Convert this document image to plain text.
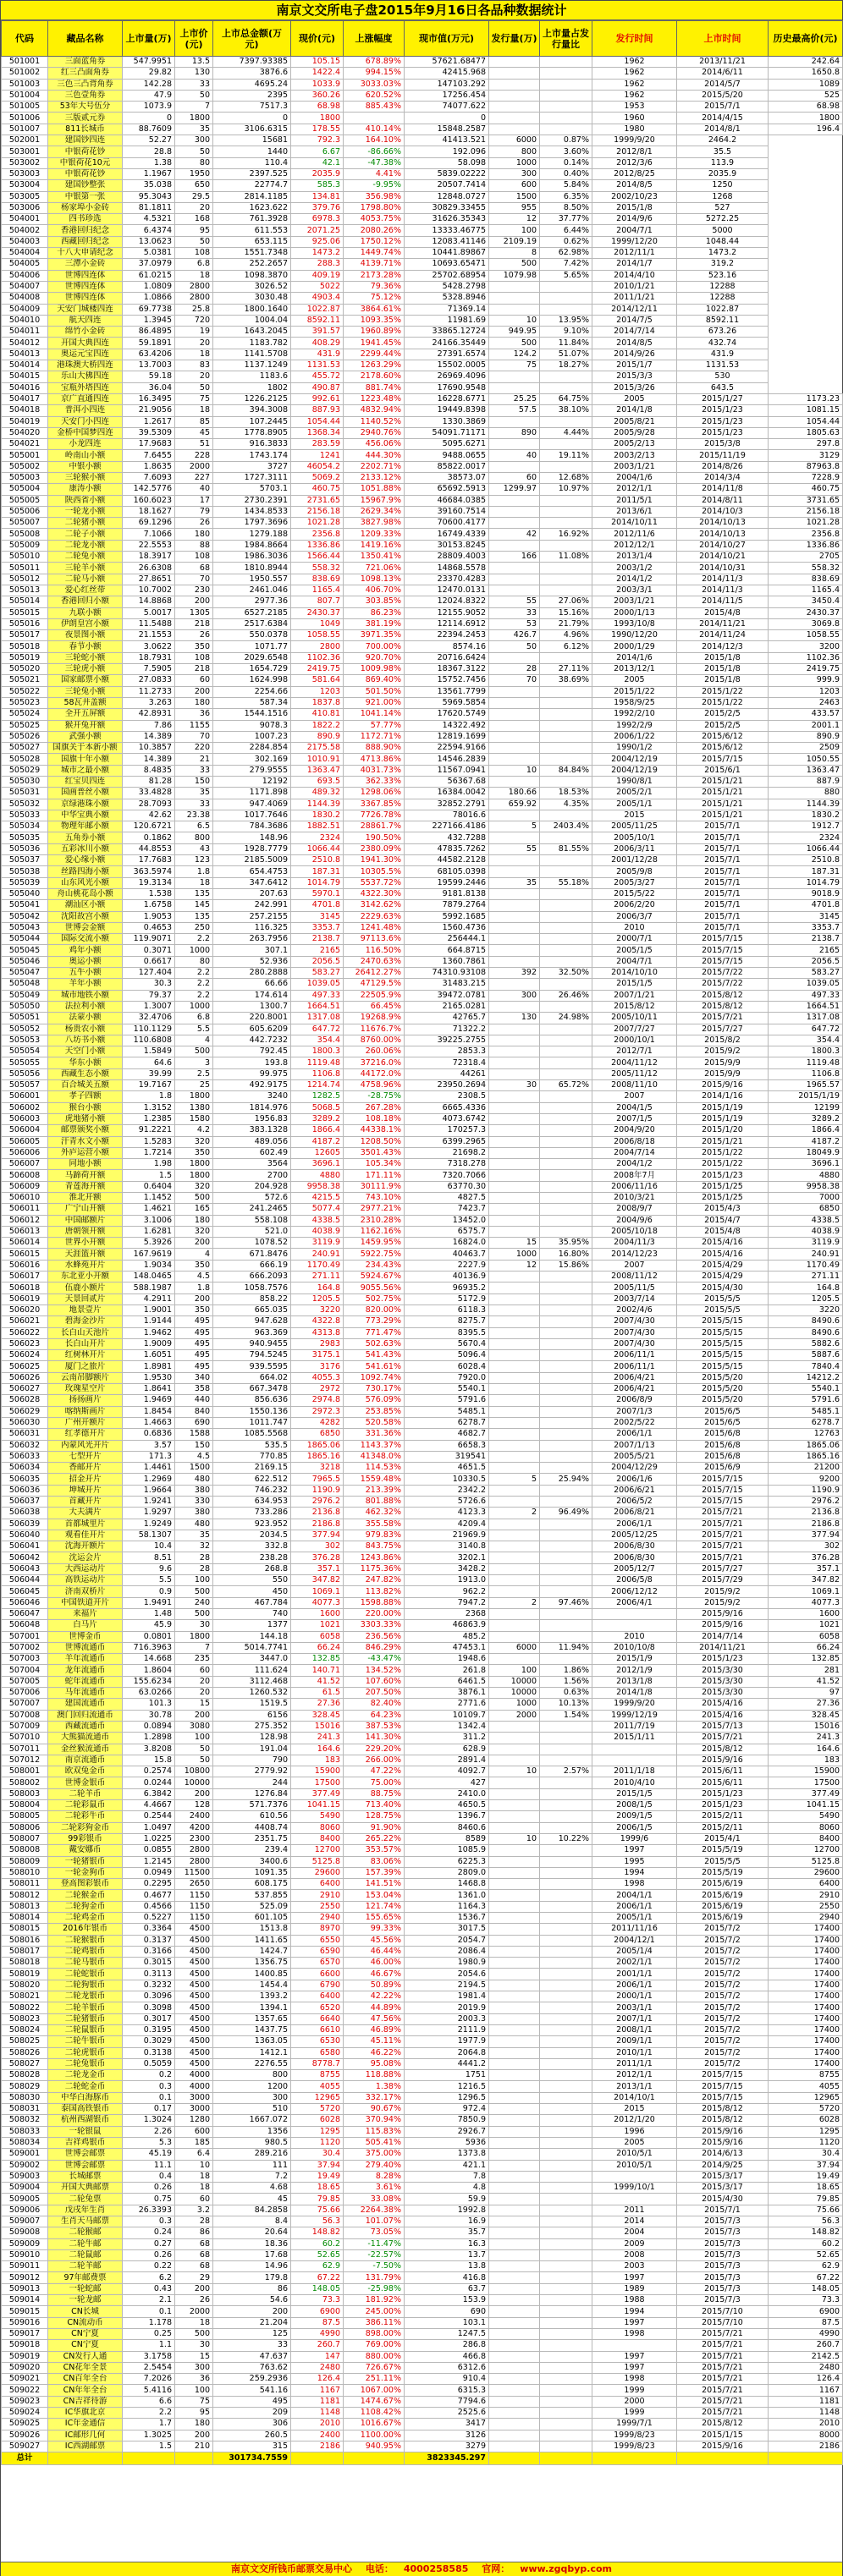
南京文交所电子盘2015年9月16日各品种数据统计
代码	藏品名称	上市量(万)	上市价(元)	上市总金额(万元)	现价(元)	上涨幅度	现市值(万元)	发行量(万)	上市量占发行量比	发行时间	上市时间	历史最高价(元)
501001	三面蓝角券	547.9951	13.5	7397.93385	105.15	678.89%	57621.68477			1962	2013/11/21	242.64
501002	红三凸面角券	29.82	130	3876.6	1422.4	994.15%	42415.968			1962	2014/6/11	1650.8
501003	三色三凸背角券	142.28	33	4695.24	1033.9	3033.03%	147103.292			1962	2014/5/7	1089
501004	三色壹角券	47.9	50	2395	360.26	620.52%	17256.454			1962	2015/5/20	525
501005	53年大号伍分	1073.9	7	7517.3	68.98	885.43%	74077.622			1953	2015/7/1	68.98
501006	三版贰元券	0	1800	0	1800		0			1960	2014/4/15	1800
501007	811长城币	88.7609	35	3106.6315	178.55	410.14%	15848.2587			1980	2014/8/1	196.4
502001	建国钞四连	52.27	300	15681	792.3	164.10%	41413.521	6000	0.87%	1999/9/20	2464.2	
503001	中银荷花钞	28.8	50	1440	6.67	-86.66%	192.096	800	3.60%	2012/8/1	35.5	
503002	中银荷花10元	1.38	80	110.4	42.1	-47.38%	58.098	1000	0.14%	2012/3/6	113.9	
503003	中银荷花钞	1.1967	1950	2397.525	2035.9	4.41%	5839.02222	300	0.40%	2012/8/25	2035.9	
503004	建国钞整张	35.038	650	22774.7	585.3	-9.95%	20507.7414	600	5.84%	2014/8/5	1250	
503005	中银第一张	95.3043	29.5	2814.1185	134.81	356.98%	12848.0727	1500	6.35%	2002/10/23	1268	
503006	杨家埠小金砖	81.1811	20	1623.622	379.76	1798.80%	30829.33455	955	8.50%	2015/1/8	527	
504001	四书珍选	4.5321	168	761.3928	6978.3	4053.75%	31626.35343	12	37.77%	2014/9/6	5272.25	
504002	香港回归纪念	6.4374	95	611.553	2071.25	2080.26%	13333.46775	100	6.44%	2004/7/1	5000	
504003	西藏回归纪念	13.0623	50	653.115	925.06	1750.12%	12083.41146	2109.19	0.62%	1999/12/20	1048.44	
504004	十八大申请纪念	5.0381	108	1551.7348	1473.2	1449.74%	10441.89867	8	62.98%	2012/11/1	1473.2	
504005	三潭小金砖	37.0979	6.8	252.2657	288.3	4139.71%	10693.65471	500	7.42%	2014/1/7	319.2	
504006	世博四连体	61.0215	18	1098.3870	409.19	2173.28%	25702.68954	1079.98	5.65%	2014/4/10	523.16	
504007	世博四连体	1.0809	2800	3026.52	5022	79.36%	5428.2798			2010/1/21	12288	
504008	世博四连体	1.0866	2800	3030.48	4903.4	75.12%	5328.8946			2011/1/21	12288	
504009	天安门城楼四连	69.7738	25.8	1800.1640	1022.87	3864.61%	71369.14			2014/12/11	1022.87	
504010	航天四连	1.3945	720	1004.04	8592.11	1093.35%	11981.69	10	13.95%	2014/7/5	8592.11	
504011	绵竹小金砖	86.4895	19	1643.2045	391.57	1960.89%	33865.12724	949.95	9.10%	2014/7/14	673.26	
504012	开国大典四连	59.1891	20	1183.782	408.29	1941.45%	24166.35449	500	11.84%	2014/8/5	432.74	
504013	奥运元宝四连	63.4206	18	1141.5708	431.9	2299.44%	27391.6574	124.2	51.07%	2014/9/26	431.9	
504014	港珠澳大桥四连	13.7003	83	1137.1249	1131.53	1263.29%	15502.0005	75	18.27%	2015/1/7	1131.53	
504015	乐山大佛四连	59.18	20	1183.6	455.72	2178.60%	26969.4096			2015/3/3	530	
504016	宝瓶外塔四连	36.04	50	1802	490.87	881.74%	17690.9548			2015/3/26	643.5	
504017	京广直通四连	16.3495	75	1226.2125	992.61	1223.48%	16228.6771	25.25	64.75%	2005	2015/1/27	1173.23
504018	普洱小四连	21.9056	18	394.3008	887.93	4832.94%	19449.8398	57.5	38.10%	2014/1/8	2015/1/23	1081.15
504019	天安门小四连	1.2617	85	107.2445	1054.44	1140.52%	1330.3869			2005/8/21	2015/1/23	1054.44
504020	金桥中国梦四连	39.5309	45	1778.8905	1368.34	2940.76%	54091.71171	890	4.44%	2005/9/28	2015/1/23	1805.63
504021	小龙四连	17.9683	51	916.3833	283.59	456.06%	5095.6271			2005/2/13	2015/3/8	297.8
505001	岭南山小额	7.6455	228	1743.174	1241	444.30%	9488.0655	40	19.11%	2003/2/13	2015/11/19	3129
505002	中银小额	1.8635	2000	3727	46054.2	2202.71%	85822.0017			2003/1/21	2014/8/26	87963.8
505003	三轮猴小额	7.6093	227	1727.3111	5069.2	2133.12%	38573.07	60	12.68%	2004/1/6	2014/3/4	7228.9
505004	康涛小额	142.5776	40	5703.1	460.75	1051.88%	65692.5913	1299.97	10.97%	2012/1/1	2014/11/8	460.75
505005	陕西省小额	160.6023	17	2730.2391	2731.65	15967.9%	46684.0385			2011/5/1	2014/8/11	3731.65
505006	一轮龙小额	18.1627	79	1434.8533	2156.18	2629.34%	39160.7514			2013/6/1	2014/10/3	2156.18
505007	二轮猪小额	69.1296	26	1797.3696	1021.28	3827.98%	70600.4177			2014/10/11	2014/10/13	1021.28
505008	二轮子小额	7.1066	180	1279.188	2356.8	1209.33%	16749.4339	42	16.92%	2012/11/6	2014/10/13	2356.8
505009	二轮龙小额	22.5553	88	1984.8664	1336.86	1419.16%	30153.8245			2012/12/1	2014/10/27	1336.86
505010	二轮兔小额	18.3917	108	1986.3036	1566.44	1350.41%	28809.4003	166	11.08%	2013/1/4	2014/10/21	2705
505011	三轮羊小额	26.6308	68	1810.8944	558.32	721.06%	14868.5578			2003/1/2	2014/10/31	558.32
505012	二轮马小额	27.8651	70	1950.557	838.69	1098.13%	23370.4283			2014/1/2	2014/11/3	838.69
505013	爱心红丝带	10.7002	230	2461.046	1165.4	406.70%	12470.0131			2003/3/1	2014/11/3	1165.4
505014	香港回归小额	14.8868	200	2977.36	807.7	303.85%	12024.8322	55	27.06%	2003/1/21	2014/11/5	3450.4
505015	九联小额	5.0017	1305	6527.2185	2430.37	86.23%	12155.9052	33	15.16%	2000/1/13	2015/4/8	2430.37
505016	伊朗皇宫小额	11.5488	218	2517.6384	1049	381.19%	12114.6912	53	21.79%	1993/10/8	2014/11/21	3069.8
505017	夜景图小额	21.1553	26	550.0378	1058.55	3971.35%	22394.2453	426.7	4.96%	1990/12/20	2014/11/24	1058.55
505018	春节小额	3.0622	350	1071.77	2800	700.00%	8574.16	50	6.12%	2000/1/29	2014/12/3	3200
505019	三轮蛇小额	18.7931	108	2029.6548	1102.36	920.70%	20716.6424			2014/1/6	2015/1/8	1102.36
505020	三轮虎小额	7.5905	218	1654.729	2419.75	1009.98%	18367.3122	28	27.11%	2013/12/1	2015/1/8	2419.75
505021	国家邮票小额	27.0833	60	1624.998	581.64	869.40%	15752.7456	70	38.69%	2005	2015/1/8	999.9
505022	三轮兔小额	11.2733	200	2254.66	1203	501.50%	13561.7799			2015/1/22	2015/1/22	1203
505023	58瓦井盖额	3.263	180	587.34	1837.8	921.00%	5969.5854			1958/9/25	2015/1/22	2463
505024	全开五屏额	42.8931	36	1544.1516	410.81	1041.14%	17620.5749			1992/2/10	2015/2/5	433.57
505025	猴开兔开额	7.86	1155	9078.3	1822.2	57.77%	14322.492			1992/2/9	2015/2/5	2001.1
505026	武强小额	14.389	70	1007.23	890.9	1172.71%	12819.1699			2006/1/22	2015/6/12	890.9
505027	国旗关于本新小额	10.3857	220	2284.854	2175.58	888.90%	22594.9166			1990/1/2	2015/6/12	2509
505028	国旗十年小额	14.389	21	302.169	1010.91	4713.86%	14546.2839			2004/12/19	2015/7/15	1050.55
505029	城市之最小额	8.4835	33	279.9555	1363.47	4031.73%	11567.0941	10	84.84%	2004/12/19	2015/6/1	1363.47
505030	红宝贝四连	81.28	150	12192	693.5	362.33%	56367.68			1990/8/1	2015/1/21	887.9
505031	国画普丝小额	33.4828	35	1171.898	489.32	1298.06%	16384.0042	180.66	18.53%	2005/2/1	2015/1/21	880
505032	京绿港珠小额	28.7093	33	947.4069	1144.39	3367.85%	32852.2791	659.92	4.35%	2005/1/1	2015/1/21	1144.39
505033	中华宝典小额	42.62	23.38	1017.7646	1830.2	7726.78%	78016.6			2015	2015/1/21	1830.2
505034	物理年邮小额	120.6721	6.5	784.3686	1882.51	28861.7%	227166.4186	5	2403.4%	2005/11/25	2015/7/1	1912.7
505035	五角券小额	0.1862	800	148.96	2324	190.50%	432.7288			2005/10/1	2015/7/1	2324
505036	五彩冰川小额	44.8553	43	1928.7779	1066.44	2380.09%	47835.7262	55	81.55%	2006/3/11	2015/7/1	1066.44
505037	爱心缘小额	17.7683	123	2185.5009	2510.8	1941.30%	44582.2128			2001/12/28	2015/7/1	2510.8
505038	丝路四海小额	363.5974	1.8	654.4753	187.31	10305.5%	68105.0398			2005/9/8	2015/7/1	187.31
505039	山东风光小额	19.3134	18	347.6412	1014.79	5537.72%	19599.2446	35	55.18%	2005/3/27	2015/7/1	1014.79
505040	舟山桃花岛小额	1.538	135	207.63	5970.1	4322.30%	9181.8138			2015/5/22	2015/7/1	9018.9
505041	潮汕区小额	1.6758	145	242.991	4701.8	3142.62%	7879.2764			2006/2/20	2015/7/1	4701.8
505042	沈阳故宫小额	1.9053	135	257.2155	3145	2229.63%	5992.1685			2006/3/7	2015/7/1	3145
505043	世博会金额	0.4653	250	116.325	3353.7	1241.48%	1560.4736			2010	2015/7/1	3353.7
505044	国际交流小额	119.9071	2.2	263.7956	2138.7	97113.6%	256444.1			2000/7/1	2015/7/15	2138.7
505045	鸡年小额	0.3071	1000	307.1	2165	116.50%	664.8715			2005/1/5	2015/7/15	2165
505046	奥运小额	0.6617	80	52.936	2056.5	2470.63%	1360.7861			2004/7/1	2015/7/15	2056.5
505047	五牛小额	127.404	2.2	280.2888	583.27	26412.27%	74310.93108	392	32.50%	2014/10/10	2015/7/22	583.27
505048	羊年小额	30.3	2.2	66.66	1039.05	47129.5%	31483.215			2015/1/5	2015/7/22	1039.05
505049	城市地铁小额	79.37	2.2	174.614	497.33	22505.9%	39472.0781	300	26.46%	2007/1/21	2015/8/12	497.33
505050	法拉利小额	1.3007	1000	1300.7	1664.51	66.45%	2165.0281			2015/8/12	2015/8/12	1664.51
505051	法蒙小额	32.4706	6.8	220.8001	1317.08	19268.9%	42765.7	130	24.98%	2005/10/11	2015/7/21	1317.08
505052	杨贵农小额	110.1129	5.5	605.6209	647.72	11676.7%	71322.2			2007/7/27	2015/7/27	647.72
505053	八坊书小额	110.6808	4	442.7232	354.4	8760.00%	39225.2755			2000/10/1	2015/8/2	354.4
505054	天空门小额	1.5849	500	792.45	1800.3	260.06%	2853.3			2012/7/1	2015/9/2	1800.3
505055	华东小额	64.6	3	193.8	1119.48	37216.0%	72318.4			2004/11/12	2015/9/9	1119.48
505056	西藏生态小额	39.99	2.5	99.975	1106.8	44172.0%	44261			2005/11/12	2015/9/9	1106.8
505057	百合城关五额	19.7167	25	492.9175	1214.74	4758.96%	23950.2694	30	65.72%	2008/11/10	2015/9/16	1965.57
506001	孝子四额	1.8	1800	3240	1282.5	-28.75%	2308.5			2007	2014/1/16	2015/1/19
506002	猴台小额	1.3152	1380	1814.976	5068.5	267.28%	6665.4336			2004/1/5	2015/1/19	12199
506003	虎地猪小额	1.2385	1580	1956.83	3289.2	108.18%	4073.6742			2007/1/5	2015/1/19	3289.2
506004	邮票颁奖小额	91.2221	4.2	383.1328	1866.4	44338.1%	170257.3			2004/9/20	2015/1/20	1866.4
506005	汗青水文小额	1.5283	320	489.056	4187.2	1208.50%	6399.2965			2006/8/18	2015/1/21	4187.2
506006	外庐运营小额	1.7214	350	602.49	12605	3501.43%	21698.2			2004/7/14	2015/1/22	18049.9
506007	同地小额	1.98	1800	3564	3696.1	105.34%	7318.278			2004/1/2	2015/1/22	3696.1
506008	马蹄荷开额	1.5	1800	2700	4880	171.11%	7320.7066			2008年7月	2015/1/23	4880
506009	青莲海开额	0.6404	320	204.928	9958.38	30111.9%	63770.30			2006/11/16	2015/1/25	9958.38
506010	淮北开额	1.1452	500	572.6	4215.5	743.10%	4827.5			2010/3/21	2015/1/25	7000
506011	广宁山开额	1.4621	165	241.2465	5077.4	2977.21%	7423.7			2008/9/7	2015/4/3	6850
506012	中国邮额片	3.1006	180	558.108	4338.5	2310.28%	13452.0			2004/9/6	2015/4/7	4338.5
506013	唐朝领开额	1.6281	320	521.0	4038.9	1162.16%	6575.7			2005/10/18	2015/4/8	4038.9
506014	世界小开额	5.3926	200	1078.52	3119.9	1459.95%	16824.0	15	35.95%	2004/11/3	2015/4/16	3119.9
506015	天涯篮开额	167.9619	4	671.8476	240.91	5922.75%	40463.7	1000	16.80%	2014/12/23	2015/4/16	240.91
506016	水蜂苑开片	1.9034	350	666.19	1170.49	234.43%	2227.9	12	15.86%	2007	2015/4/29	1170.49
506017	东北亚小开额	148.0465	4.5	666.2093	271.11	5924.67%	40136.9			2008/11/12	2015/4/29	271.11
506018	伍鹿小额片	588.1987	1.8	1058.7576	164.8	9055.56%	96935.2			2005/11/5	2015/4/30	164.8
506019	天景回贰片	4.2911	200	858.22	1205.5	502.75%	5172.9			2003/7/14	2015/5/5	1205.5
506020	地景壹片	1.9001	350	665.035	3220	820.00%	6118.3			2002/4/6	2015/5/5	3220
506021	碧海金沙片	1.9144	495	947.628	4322.8	773.29%	8275.7			2007/4/30	2015/5/15	8490.6
506022	长白山天池片	1.9462	495	963.369	4313.8	771.47%	8395.5			2007/4/30	2015/5/15	8490.6
506023	长白山开片	1.9009	495	940.9455	2983	502.63%	5670.4			2007/4/30	2015/5/15	5882.6
506024	红树林开片	1.6051	495	794.5245	3175.1	541.43%	5096.4			2006/11/1	2015/5/15	5887.6
506025	厦门之旅片	1.8981	495	939.5595	3176	541.61%	6028.4			2006/11/1	2015/5/15	7840.4
506026	云南吊脚额片	1.9530	340	664.02	4055.3	1092.74%	7920.0			2006/4/21	2015/5/20	14212.2
506027	玫瑰星空片	1.8641	358	667.3478	2972	730.17%	5540.1			2006/4/21	2015/5/20	5540.1
506028	扬扬画片	1.9469	440	856.636	2974.8	576.09%	5791.6			2006/8/9	2015/5/20	5791.6
506029	喀纳斯画片	1.8454	840	1550.136	2972.3	253.85%	5485.1			2007/1/3	2015/6/5	5485.1
506030	广州开额片	1.4663	690	1011.747	4282	520.58%	6278.7			2002/5/22	2015/6/5	6278.7
506031	红孝德开片	0.6836	1588	1085.5568	6850	331.36%	4682.7			2006/1/1	2015/6/8	12763
506032	内蒙风光开片	3.57	150	535.5	1865.06	1143.37%	6658.3			2007/1/13	2015/6/8	1865.06
506033	七型开片	171.3	4.5	770.85	1865.16	41348.0%	319541			2005/5/21	2015/6/8	1865.16
506034	香邮开片	1.4461	1500	2169.15	3218	114.53%	4651.5			2004/12/29	2015/6/9	21200
506035	招金开片	1.2969	480	622.512	7965.5	1559.48%	10330.5	5	25.94%	2006/1/6	2015/7/15	9200
506036	坤城开片	1.9664	380	746.232	1190.9	213.39%	2342.2			2006/6/21	2015/7/15	1190.9
506037	首藏开片	1.9241	330	634.953	2976.2	801.88%	5726.6			2006/5/2	2015/7/15	2976.2
506038	大夫满片	1.9297	380	733.286	2136.8	462.32%	4123.3	2	96.49%	2006/8/21	2015/7/21	2136.8
506039	首都城里片	1.9249	480	923.952	2186.8	355.58%	4209.4			2006/1/1	2015/7/21	2186.8
506040	观看佳开片	58.1307	35	2034.5	377.94	979.83%	21969.9			2005/12/25	2015/7/21	377.94
506041	沈海开额片	10.4	32	332.8	302	843.75%	3140.8			2006/8/30	2015/7/21	302
506042	沈运会片	8.51	28	238.28	376.28	1243.86%	3202.1			2006/8/30	2015/7/21	376.28
506043	大西运动片	9.6	28	268.8	357.1	1175.36%	3428.2			2005/12/7	2015/7/27	357.1
506044	高铁运动片	5.5	100	550	347.82	247.82%	1913.0			2006/5/8	2015/7/29	347.82
506045	济南双桥片	0.9	500	450	1069.1	113.82%	962.2			2006/12/12	2015/9/2	1069.1
506046	中国铁道开片	1.9491	240	467.784	4077.3	1598.88%	7947.2	2	97.46%	2006/4/1	2015/9/2	4077.3
506047	来福片	1.48	500	740	1600	220.00%	2368				2015/9/16	1600
506048	白马片	45.9	30	1377	1021	3303.33%	46863.9				2015/9/16	1021
507001	世博金币	0.0801	1800	144.18	6058	236.56%	485.2			2010	2014/7/14	6058
507002	世博流通币	716.3963	7	5014.7741	66.24	846.29%	47453.1	6000	11.94%	2010/10/8	2014/11/21	66.24
507003	羊年流通币	14.668	235	3447.0	132.85	-43.47%	1948.6			2015/1/9	2015/1/23	132.85
507004	龙年流通币	1.8604	60	111.624	140.71	134.52%	261.8	100	1.86%	2012/1/9	2015/3/30	281
507005	蛇年流通币	155.6234	20	3112.468	41.52	107.60%	6461.5	10000	1.56%	2013/1/8	2015/3/30	41.52
507006	马年流通币	63.0266	20	1260.532	61.5	207.50%	3876.1	10000	0.63%	2014/1/8	2015/3/30	97
507007	建国流通币	101.3	15	1519.5	27.36	82.40%	2771.6	1000	10.13%	1999/9/20	2015/4/16	27.36
507008	澳门回归流通币	30.78	200	6156	328.45	64.23%	10109.7	2000	1.54%	1999/12/19	2015/4/16	328.45
507009	西藏流通币	0.0894	3080	275.352	15016	387.53%	1342.4			2011/7/19	2015/7/13	15016
507010	大熊猫流通币	1.2898	100	128.98	241.3	141.30%	311.2			2015/1/11	2015/7/21	241.3
507011	金丝猴流通币	3.8208	50	191.04	164.6	229.20%	628.9				2015/8/12	164.6
507012	南京流通币	15.8	50	790	183	266.00%	2891.4				2015/9/16	183
508001	欧双兔金币	0.2574	10800	2779.92	15900	47.22%	4092.7	10	2.57%	2011/1/18	2015/6/11	15900
508002	世博金银币	0.0244	10000	244	17500	75.00%	427			2010/4/10	2015/6/11	17500
508003	二轮羊币	6.3842	200	1276.84	377.49	88.75%	2410.0			2015/1/5	2015/1/23	377.49
508004	二轮彩鼠币	4.4667	128	571.7376	1041.15	713.40%	4650.5			2008/1/5	2015/1/23	1041.15
508005	二轮彩牛币	0.2544	2400	610.56	5490	128.75%	1396.7			2009/1/5	2015/2/11	5490
508006	二轮彩狗金币	1.0497	4200	4408.74	8060	91.90%	8460.6			2006/1/5	2015/2/11	8060
508007	99彩银币	1.0225	2300	2351.75	8400	265.22%	8589	10	10.22%	1999/6	2015/4/1	8400
508008	戴安娜币	0.0855	2800	239.4	12700	353.57%	1085.9			1997	2015/5/19	12700
508009	一轮猪银币	1.2145	2800	3400.6	5125.8	83.06%	6225.3			1995	2015/5/5	5125.8
508010	一轮金狗币	0.0949	11500	1091.35	29600	157.39%	2809.0			1994	2015/5/19	29600
508011	登高图彩银币	0.2295	2650	608.175	6400	141.51%	1468.8			1998	2015/6/19	6400
508012	二轮猴金币	0.4677	1150	537.855	2910	153.04%	1361.0			2004/1/1	2015/6/19	2910
508013	二轮狗金币	0.4566	1150	525.09	2550	121.74%	1164.3			2006/1/1	2015/6/19	2550
508014	二轮鸡金币	0.5227	1150	601.105	2940	155.65%	1536.7			2005/1/1	2015/6/19	2940
508015	2016年银币	0.3364	4500	1513.8	8970	99.33%	3017.5			2011/11/16	2015/7/2	17400
508016	二轮猴银币	0.3137	4500	1411.65	6550	45.56%	2054.7			2004/12/1	2015/7/2	17400
508017	二轮鸡银币	0.3166	4500	1424.7	6590	46.44%	2086.4			2005/1/4	2015/7/2	17400
508018	二轮马银币	0.3015	4500	1356.75	6570	46.00%	1980.9			2002/1/1	2015/7/2	17400
508019	二轮蛇银币	0.3113	4500	1400.85	6600	46.67%	2054.6			2001/1/1	2015/7/2	17400
508020	二轮狗银币	0.3232	4500	1454.4	6790	50.89%	2194.5			2006/1/1	2015/7/2	17400
508021	二轮龙银币	0.3096	4500	1393.2	6400	42.22%	1981.4			2000/1/1	2015/7/2	17400
508022	二轮羊银币	0.3098	4500	1394.1	6520	44.89%	2019.9			2003/1/1	2015/7/2	17400
508023	二轮猪银币	0.3017	4500	1357.65	6640	47.56%	2003.3			2007/1/1	2015/7/2	17400
508024	二轮鼠银币	0.3195	4500	1437.75	6610	46.89%	2111.9			2008/1/1	2015/7/2	17400
508025	二轮牛银币	0.3029	4500	1363.05	6530	45.11%	1977.9			2009/1/1	2015/7/2	17400
508026	二轮虎银币	0.3138	4500	1412.1	6580	46.22%	2064.8			2010/1/1	2015/7/2	17400
508027	二轮兔银币	0.5059	4500	2276.55	8778.7	95.08%	4441.2			2011/1/1	2015/7/2	17400
508028	二轮龙金币	0.2	4000	800	8755	118.88%	1751			2012/1/1	2015/7/15	8755
508029	二轮蛇金币	0.3	4000	1200	4055	1.38%	1216.5			2013/1/1	2015/7/15	4055
508030	中华白海豚币	0.1	3000	300	12965	332.17%	1296.5			2014/10/1	2015/7/15	12965
508031	泰国高铁银币	0.17	3000	510	5720	90.67%	972.4			2015	2015/8/12	5720
508032	杭州西湖银币	1.3024	1280	1667.072	6028	370.94%	7850.9			2012/1/20	2015/8/12	6028
508033	一轮银鼠	2.26	600	1356	1295	115.83%	2926.7			1996	2015/9/16	1295
508034	吉祥鸡银币	5.3	185	980.5	1120	505.41%	5936			2005	2015/9/16	1120
509001	世博会邮票	45.19	6.4	289.216	30.4	375.00%	1373.8			2010/5/1	2014/6/13	30.4
509002	世博会邮票	11.1	10	111	37.94	279.40%	421.1			2010/5/1	2014/9/25	37.94
509003	长城邮票	0.4	18	7.2	19.49	8.28%	7.8				2015/3/17	19.49
509004	开国大典邮票	0.26	18	4.68	18.65	3.61%	4.8			1999/10/1	2015/3/17	18.65
509005	二轮兔票	0.75	60	45	79.85	33.08%	59.9				2015/4/30	79.85
509006	戊戌年生肖	26.3393	3.2	84.2858	75.66	2264.38%	1992.8			2011	2015/7/1	75.66
509007	生肖天马邮票	0.3	28	8.4	56.3	101.07%	16.9			2014	2015/7/3	56.3
509008	二轮猴邮	0.24	86	20.64	148.82	73.05%	35.7			2004	2015/7/3	148.82
509009	二轮牛邮	0.27	68	18.36	60.2	-11.47%	16.3			2009	2015/7/3	60.2
509010	二轮鼠邮	0.26	68	17.68	52.65	-22.57%	13.7			2008	2015/7/3	52.65
509011	二轮羊邮	0.22	68	14.96	62.9	-7.50%	13.8			2003	2015/7/3	62.9
509012	97年邮费票	6.2	29	179.8	67.22	131.79%	416.8			1997	2015/7/3	67.22
509013	一轮蛇邮	0.43	200	86	148.05	-25.98%	63.7			1989	2015/7/3	148.05
509014	一轮龙邮	2.1	26	54.6	73.3	181.92%	153.9			1988	2015/7/3	73.3
509015	CN长城	0.1	2000	200	6900	245.00%	690			1994	2015/7/10	6900
509016	CN流动币	1.178	18	21.204	87.5	386.11%	103.1			1997	2015/7/10	87.5
509017	CN宁夏	0.25	500	125	4990	898.00%	1247.5			1998	2015/7/21	4990
509018	CN宁夏	1.1	30	33	260.7	769.00%	286.8				2015/7/21	260.7
509019	CN发行人通	3.1758	15	47.637	147	880.00%	466.8			1997	2015/7/21	2142.5
509020	CN花年全景	2.5454	300	763.62	2480	726.67%	6312.6			1997	2015/7/21	2480
509021	CN百年全台	7.2026	36	259.2936	126.4	251.11%	910.4			1998	2015/7/21	126.4
509022	CN年年全台	5.4116	100	541.16	1167	1067.00%	6315.3			1999	2015/7/21	1167
509023	CN吉祥待游	6.6	75	495	1181	1474.67%	7794.6			2000	2015/7/21	1181
509024	IC华旗北京	2.2	95	209	1148	1108.42%	2525.6			1999	2015/7/21	1148
509025	IC年金通信	1.7	180	306	2010	1016.67%	3417			1999/7/1	2015/8/12	2010
509026	IC邮形几何	1.3025	200	260.5	2400	1100.00%	3126			1999/8/23	2015/1/15	8000
509027	IC西湖邮票	1.5	210	315	2186	940.95%	3279			1999/8/23	2015/9/16	2186
总计				301734.7559			3823345.297					
南京文交所钱币邮票交易中心 电话： 4000258585 官网： www.zgqbyp.com
